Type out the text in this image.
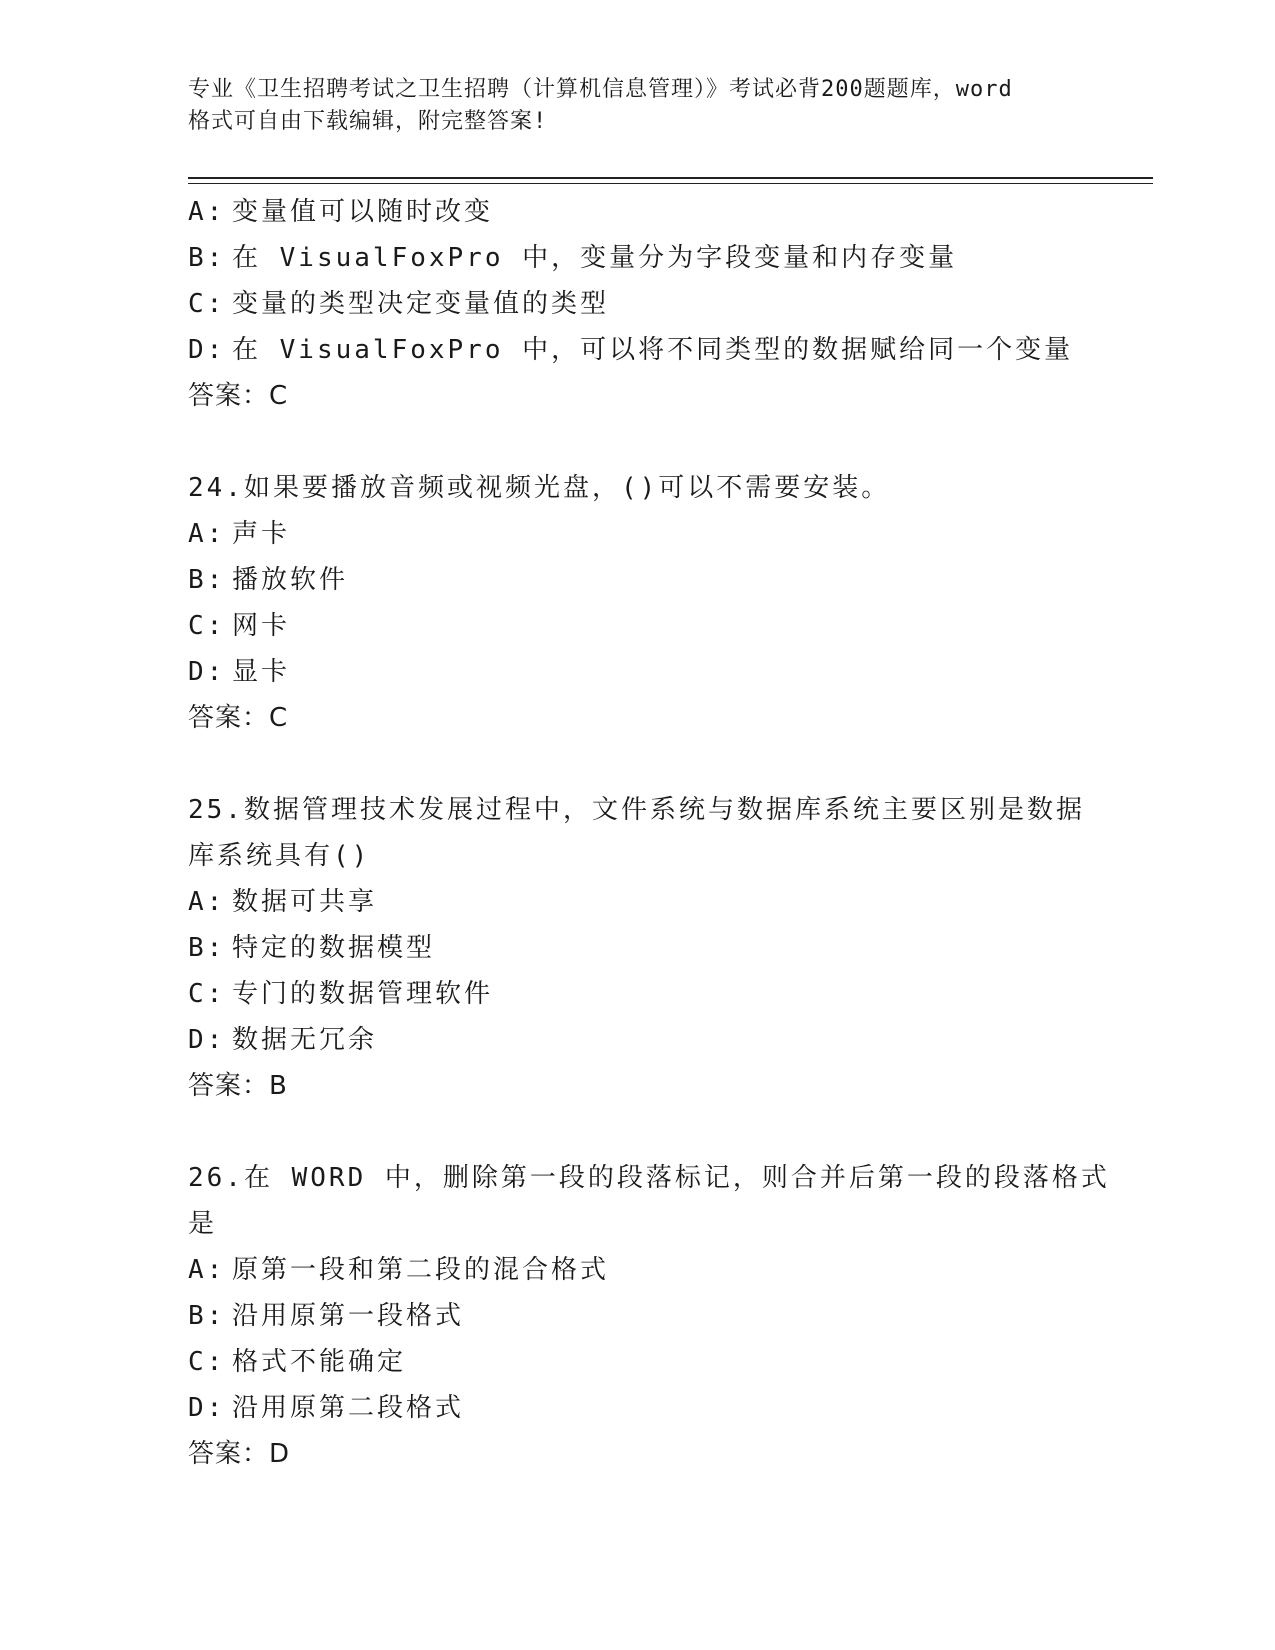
专业《卫生招聘考试之卫生招聘（计算机信息管理）》考试必背200题题库，word
格式可自由下载编辑，附完整答案!
A: 变量值可以随时改变
B: 在 VisualFoxPro 中，变量分为字段变量和内存变量
C: 变量的类型决定变量值的类型
D: 在 VisualFoxPro 中，可以将不同类型的数据赋给同一个变量
答案：C
24.如果要播放音频或视频光盘，()可以不需要安装。
A: 声卡
B: 播放软件
C: 网卡
D: 显卡
答案：C
25.数据管理技术发展过程中，文件系统与数据库系统主要区别是数据
库系统具有()
A: 数据可共享
B: 特定的数据模型
C: 专门的数据管理软件
D: 数据无冗余
答案：B
26.在 WORD 中，删除第一段的段落标记，则合并后第一段的段落格式
是
A: 原第一段和第二段的混合格式
B: 沿用原第一段格式
C: 格式不能确定
D: 沿用原第二段格式
答案：D
